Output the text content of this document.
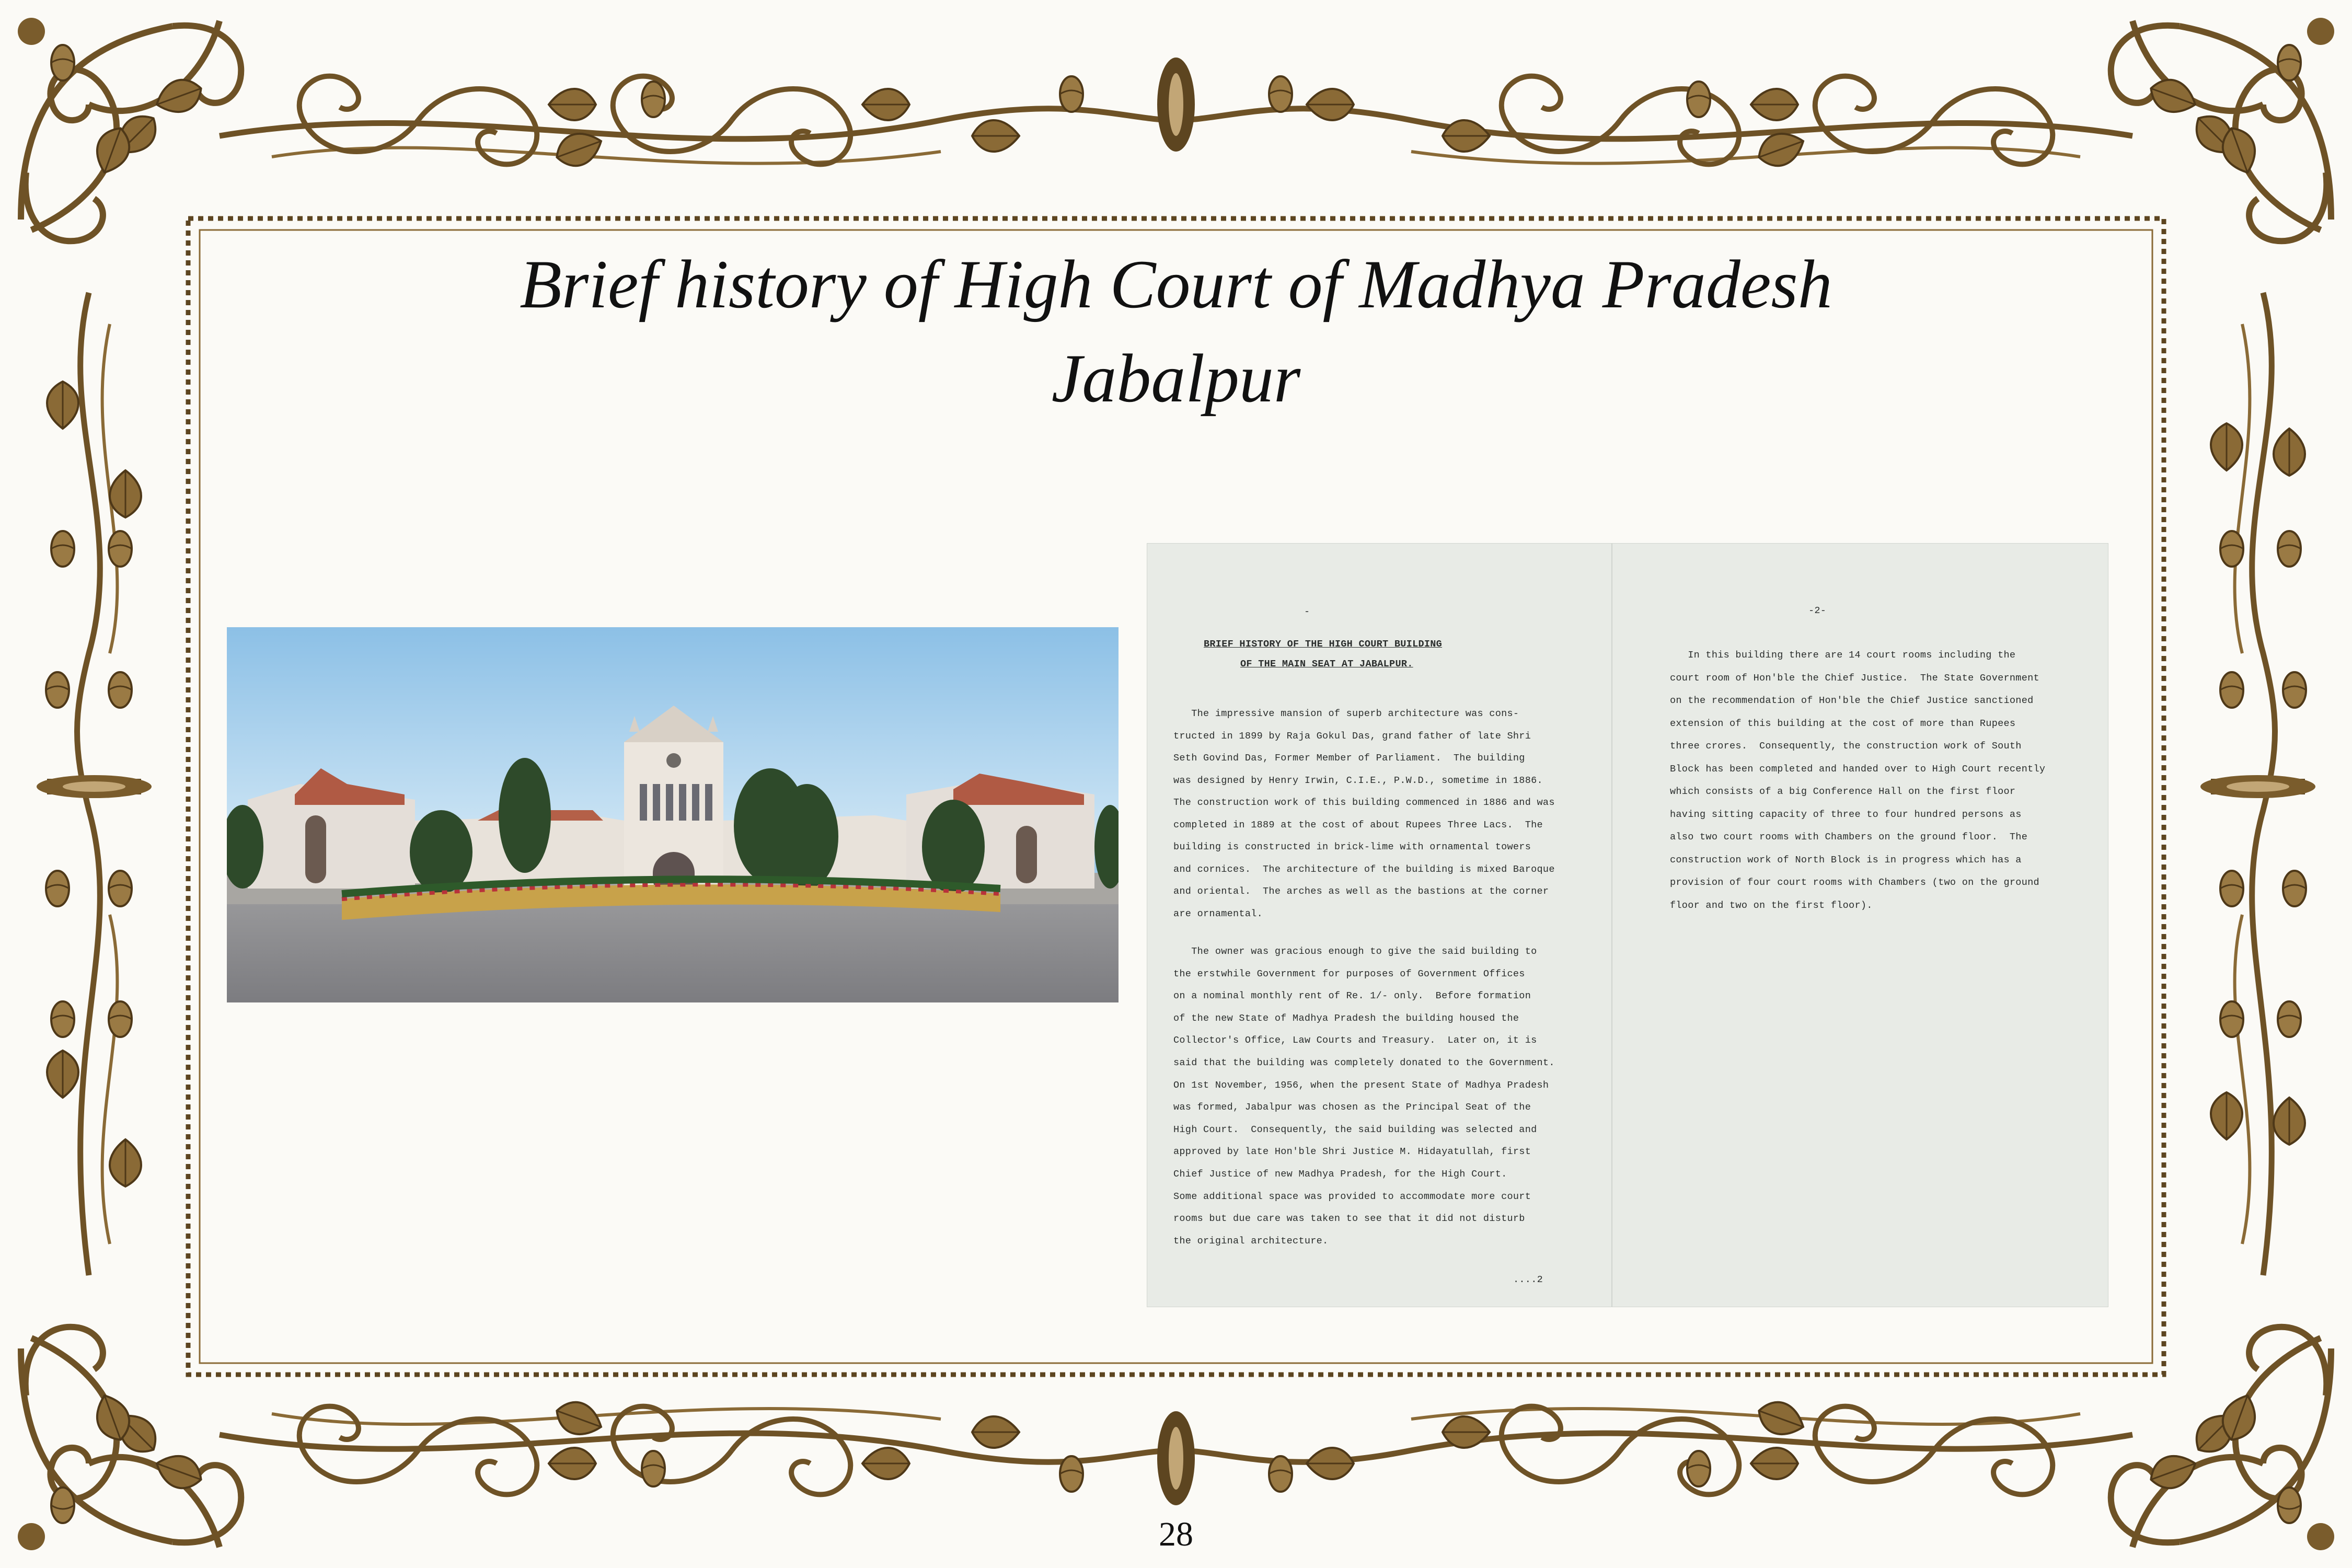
Brief history of High Court of Madhya Pradesh
Jabalpur
-
BRIEF HISTORY OF THE HIGH COURT BUILDING
OF THE MAIN SEAT AT JABALPUR.
The impressive mansion of superb architecture was cons-
tructed in 1899 by Raja Gokul Das, grand father of late Shri
Seth Govind Das, Former Member of Parliament.  The building
was designed by Henry Irwin, C.I.E., P.W.D., sometime in 1886.
The construction work of this building commenced in 1886 and was
completed in 1889 at the cost of about Rupees Three Lacs.  The
building is constructed in brick-lime with ornamental towers
and cornices.  The architecture of the building is mixed Baroque
and oriental.  The arches as well as the bastions at the corner
are ornamental.
The owner was gracious enough to give the said building to
the erstwhile Government for purposes of Government Offices
on a nominal monthly rent of Re. 1/- only.  Before formation
of the new State of Madhya Pradesh the building housed the
Collector's Office, Law Courts and Treasury.  Later on, it is
said that the building was completely donated to the Government.
On 1st November, 1956, when the present State of Madhya Pradesh
was formed, Jabalpur was chosen as the Principal Seat of the
High Court.  Consequently, the said building was selected and
approved by late Hon'ble Shri Justice M. Hidayatullah, first
Chief Justice of new Madhya Pradesh, for the High Court.
Some additional space was provided to accommodate more court
rooms but due care was taken to see that it did not disturb
the original architecture.
....2
-2-
In this building there are 14 court rooms including the
court room of Hon'ble the Chief Justice.  The State Government
on the recommendation of Hon'ble the Chief Justice sanctioned
extension of this building at the cost of more than Rupees
three crores.  Consequently, the construction work of South
Block has been completed and handed over to High Court recently
which consists of a big Conference Hall on the first floor
having sitting capacity of three to four hundred persons as
also two court rooms with Chambers on the ground floor.  The
construction work of North Block is in progress which has a
provision of four court rooms with Chambers (two on the ground
floor and two on the first floor).
28
